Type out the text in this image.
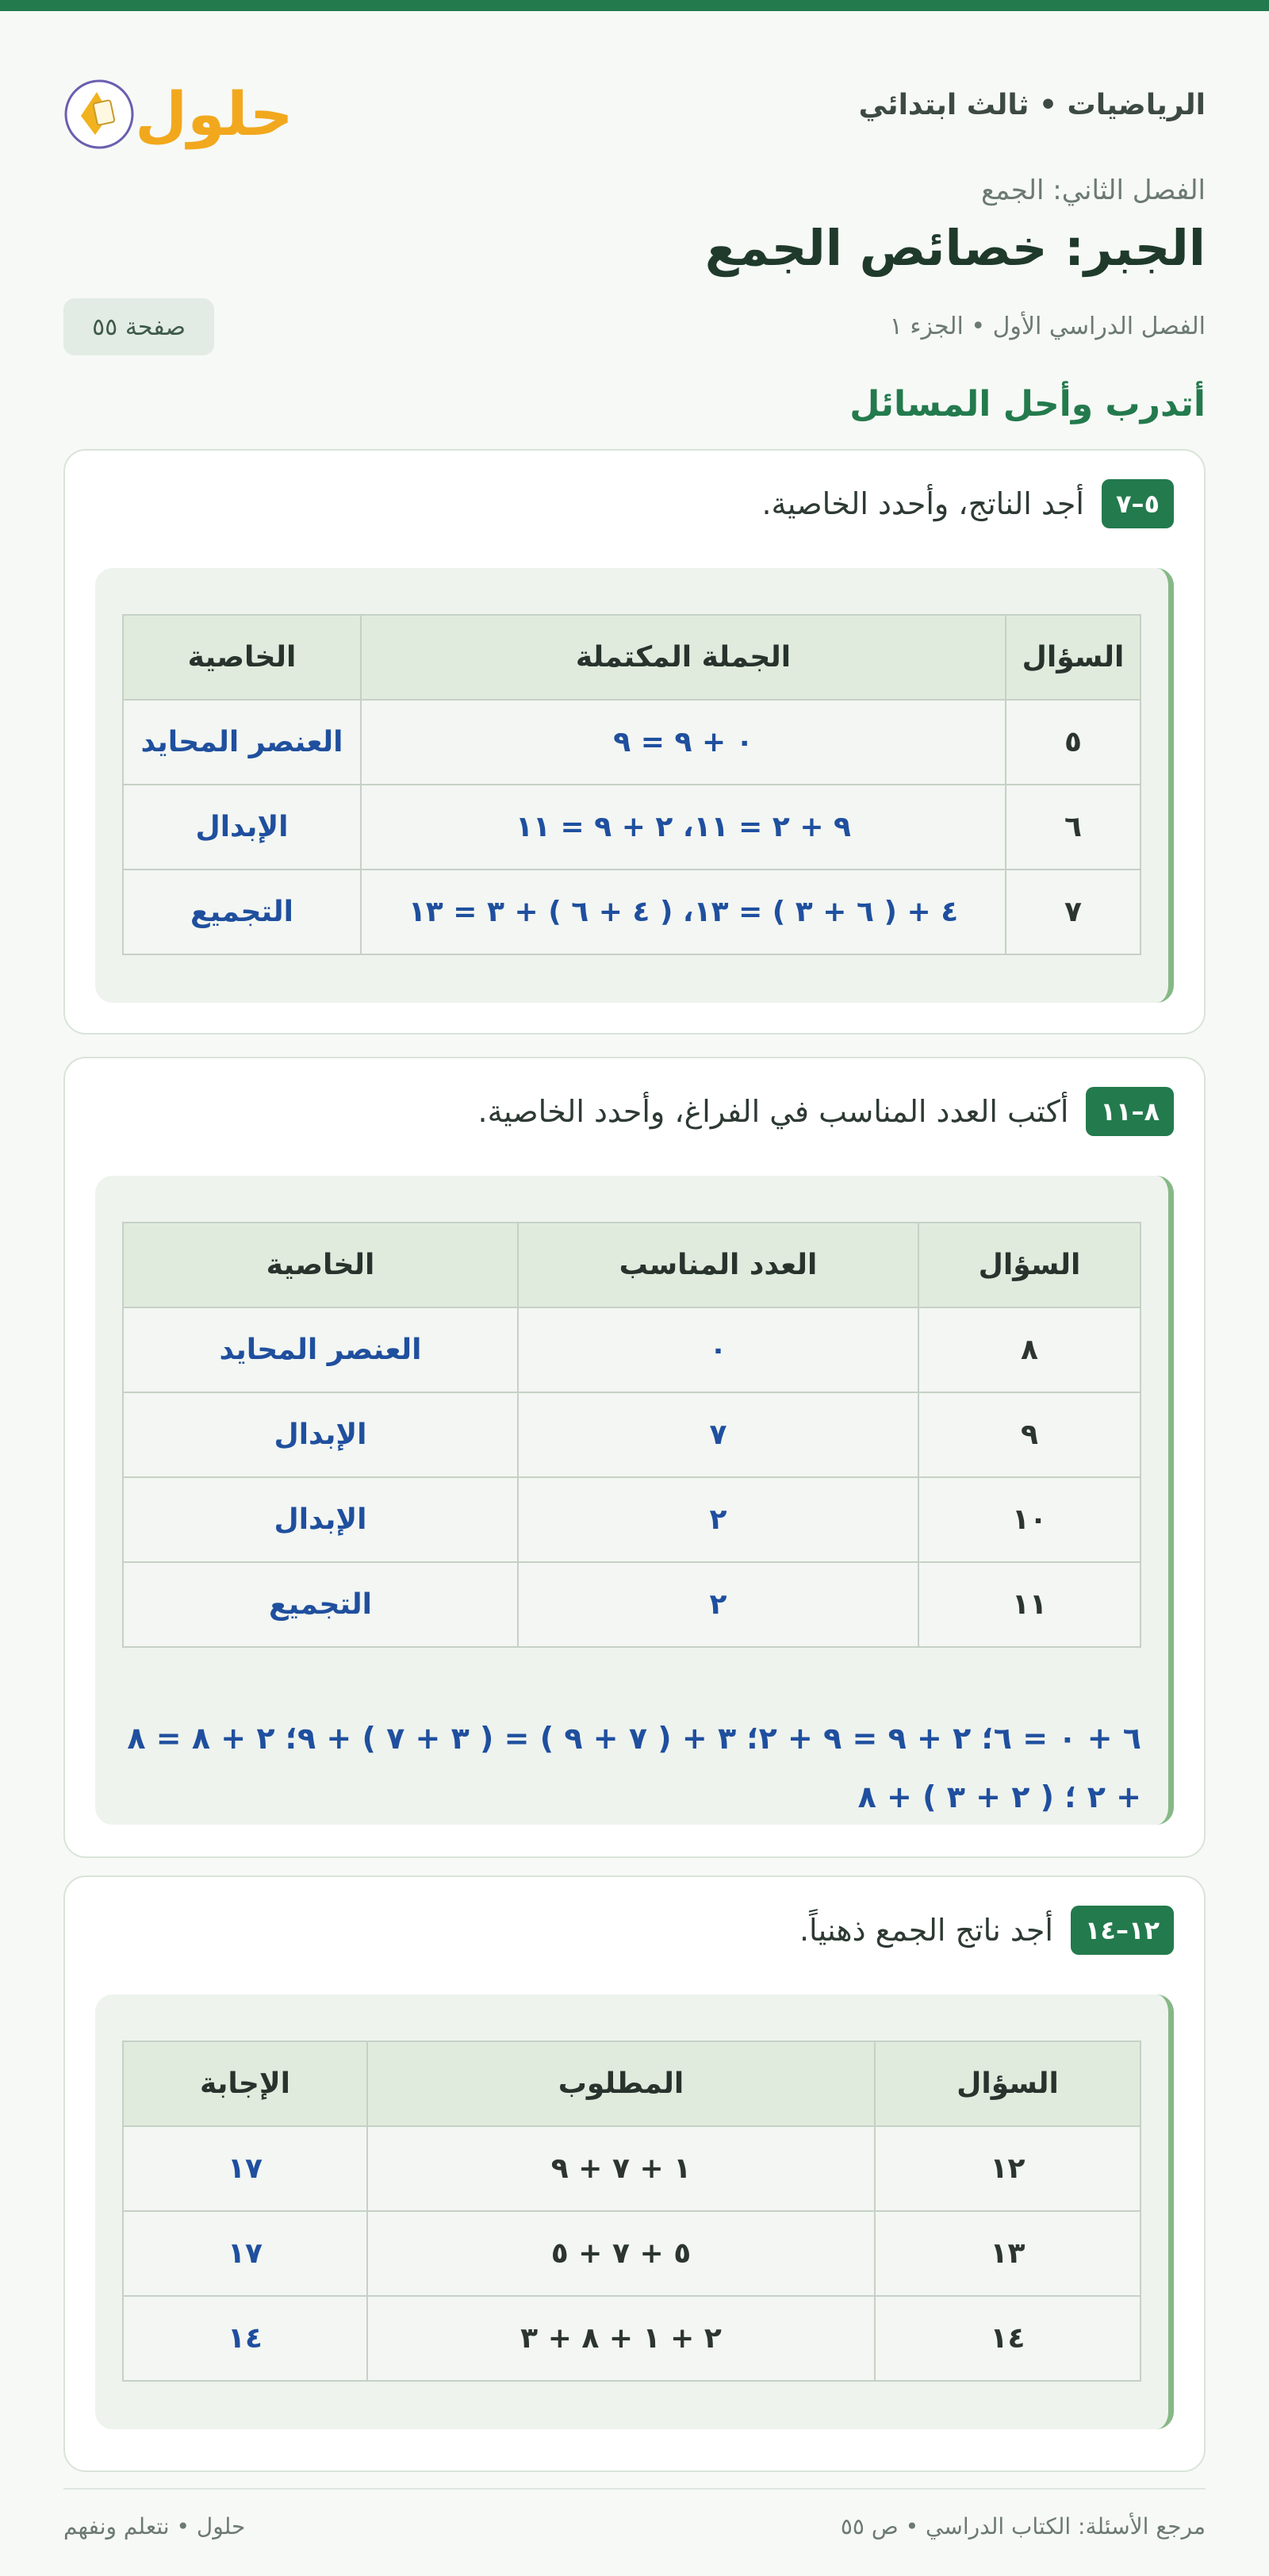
الرياضيات • ثالث ابتدائي
حلول
الفصل الثاني: الجمع
الجبر: خصائص الجمع
الفصل الدراسي الأول • الجزء ١
صفحة ٥٥
أتدرب وأحل المسائل
٥–٧
أجد الناتج، وأحدد الخاصية.
السؤال	الجملة المكتملة	الخاصية
٥	٠ + ٩ = ٩	العنصر المحايد
٦	٩ + ٢ = ١١، ٢ + ٩ = ١١	الإبدال
٧	٤ + ( ٦ + ٣ ) = ١٣، ( ٤ + ٦ ) + ٣ = ١٣	التجميع
٨–١١
أكتب العدد المناسب في الفراغ، وأحدد الخاصية.
السؤال	العدد المناسب	الخاصية
٨	٠	العنصر المحايد
٩	٧	الإبدال
١٠	٢	الإبدال
١١	٢	التجميع
٦ + ٠ = ٦؛ ٢ + ٩ = ٩ + ٢؛ ٣ + ( ٧ + ٩ ) = ( ٣ + ٧ ) + ٩؛ ٢ + ٨ = ٨ + ٢ ؛ ( ٢ + ٣ ) + ٨
١٢–١٤
أجد ناتج الجمع ذهنياً.
السؤال	المطلوب	الإجابة
١٢	١ + ٧ + ٩	١٧
١٣	٥ + ٧ + ٥	١٧
١٤	٢ + ١ + ٨ + ٣	١٤
مرجع الأسئلة: الكتاب الدراسي • ص ٥٥
حلول • نتعلم ونفهم
